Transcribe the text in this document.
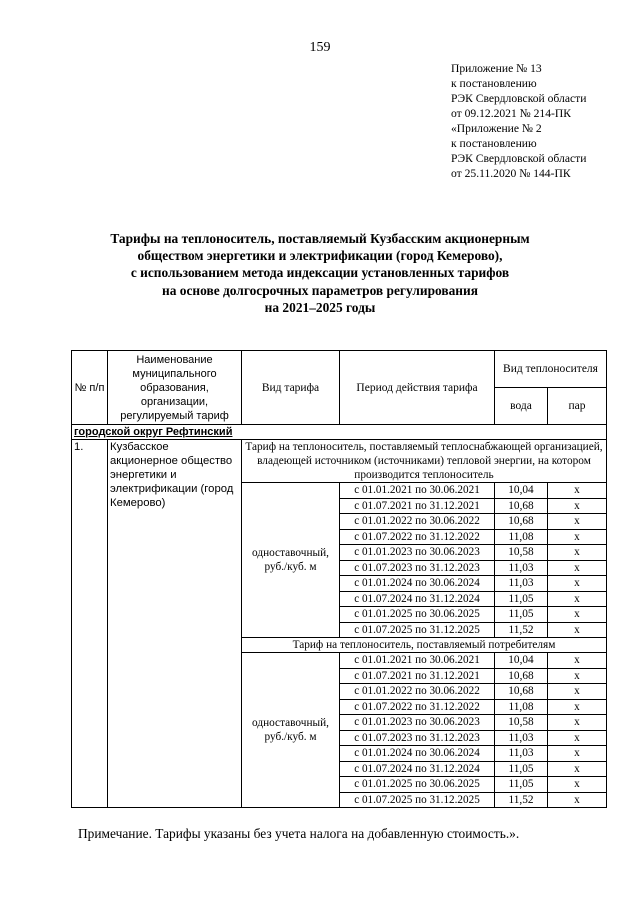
159
Приложение № 13
к постановлению
РЭК Свердловской области
от 09.12.2021 № 214-ПК
«Приложение № 2
к постановлению
РЭК Свердловской области
от 25.11.2020 № 144-ПК
Тарифы на теплоноситель, поставляемый Кузбасским акционерным
обществом энергетики и электрификации (город Кемерово),
с использованием метода индексации установленных тарифов
на основе долгосрочных параметров регулирования
на 2021–2025 годы
№ п/п	Наименование муниципального образования, организации, регулируемый тариф	Вид тарифа	Период действия тарифа	Вид теплоносителя	
				вода	пар
городской округ Рефтинский					
1.	Кузбасское акционерное общество энергетики и электрификации (город Кемерово)	Тариф на теплоноситель, поставляемый теплоснабжающей организацией, владеющей источником (источниками) тепловой энергии, на котором производится теплоноситель			
		одноставочный, руб./куб. м	с 01.01.2021 по 30.06.2021	10,04	х
			с 01.07.2021 по 31.12.2021	10,68	х
			с 01.01.2022 по 30.06.2022	10,68	х
			с 01.07.2022 по 31.12.2022	11,08	х
			с 01.01.2023 по 30.06.2023	10,58	х
			с 01.07.2023 по 31.12.2023	11,03	х
			с 01.01.2024 по 30.06.2024	11,03	х
			с 01.07.2024 по 31.12.2024	11,05	х
			с 01.01.2025 по 30.06.2025	11,05	х
			с 01.07.2025 по 31.12.2025	11,52	х
		Тариф на теплоноситель, поставляемый потребителям			
		одноставочный, руб./куб. м	с 01.01.2021 по 30.06.2021	10,04	х
			с 01.07.2021 по 31.12.2021	10,68	х
			с 01.01.2022 по 30.06.2022	10,68	х
			с 01.07.2022 по 31.12.2022	11,08	х
			с 01.01.2023 по 30.06.2023	10,58	х
			с 01.07.2023 по 31.12.2023	11,03	х
			с 01.01.2024 по 30.06.2024	11,03	х
			с 01.07.2024 по 31.12.2024	11,05	х
			с 01.01.2025 по 30.06.2025	11,05	х
			с 01.07.2025 по 31.12.2025	11,52	х
Примечание. Тарифы указаны без учета налога на добавленную стоимость.».
